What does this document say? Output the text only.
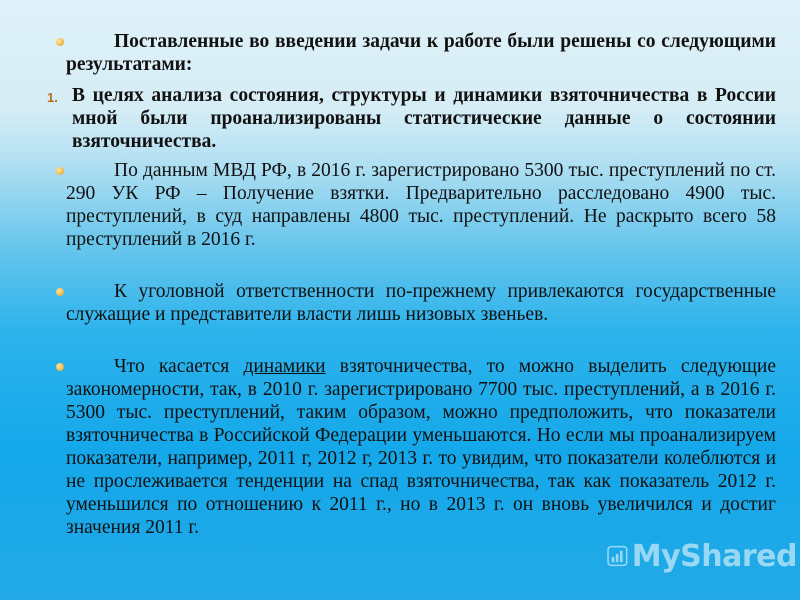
Поставленные во введении задачи к работе были решены со следующими результатами:

1. В целях анализа состояния, структуры и динамики взяточничества в России мной были проанализированы статистические данные о состоянии взяточничества.

По данным МВД РФ, в 2016 г. зарегистрировано 5300 тыс. преступлений по ст. 290 УК РФ – Получение взятки. Предварительно расследовано 4900 тыс. преступлений, в суд направлены 4800 тыс. преступлений. Не раскрыто всего 58 преступлений в 2016 г.

К уголовной ответственности по-прежнему привлекаются государственные служащие и представители власти лишь низовых звеньев.

Что касается динамики взяточничества, то можно выделить следующие закономерности, так, в 2010 г. зарегистрировано 7700 тыс. преступлений, а в 2016 г. 5300 тыс. преступлений, таким образом, можно предположить, что показатели взяточничества в Российской Федерации уменьшаются. Но если мы проанализируем показатели, например, 2011 г, 2012 г, 2013 г. то увидим, что показатели колеблются и не прослеживается тенденции на спад взяточничества, так как показатель 2012 г. уменьшился по отношению к 2011 г., но в 2013 г. он вновь увеличился и достиг значения 2011 г.

MyShared
